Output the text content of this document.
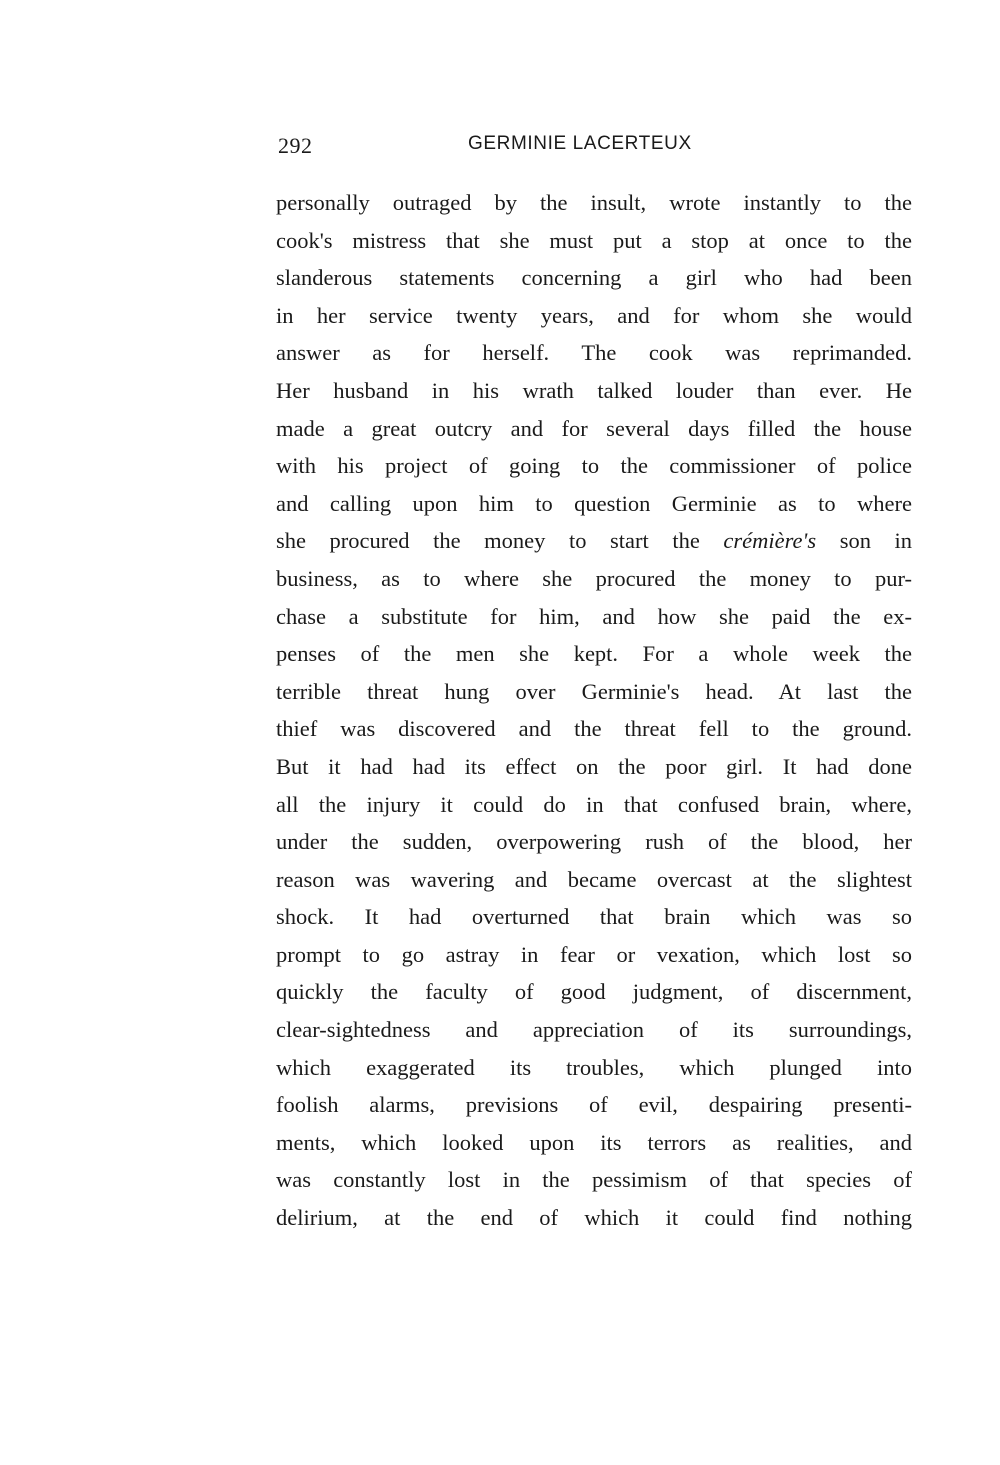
292	GERMINIE LACERTEUX
personally outraged by the insult, wrote instantly to the
cook's mistress that she must put a stop at once to the
slanderous statements concerning a girl who had been
in her service twenty years, and for whom she would
answer as for herself. The cook was reprimanded.
Her husband in his wrath talked louder than ever. He
made a great outcry and for several days filled the house
with his project of going to the commissioner of police
and calling upon him to question Germinie as to where
she procured the money to start the crémière's son in
business, as to where she procured the money to pur-
chase a substitute for him, and how she paid the ex-
penses of the men she kept. For a whole week the
terrible threat hung over Germinie's head. At last the
thief was discovered and the threat fell to the ground.
But it had had its effect on the poor girl. It had done
all the injury it could do in that confused brain, where,
under the sudden, overpowering rush of the blood, her
reason was wavering and became overcast at the slightest
shock. It had overturned that brain which was so
prompt to go astray in fear or vexation, which lost so
quickly the faculty of good judgment, of discernment,
clear-sightedness and appreciation of its surroundings,
which exaggerated its troubles, which plunged into
foolish alarms, previsions of evil, despairing presenti-
ments, which looked upon its terrors as realities, and
was constantly lost in the pessimism of that species of
delirium, at the end of which it could find nothing
